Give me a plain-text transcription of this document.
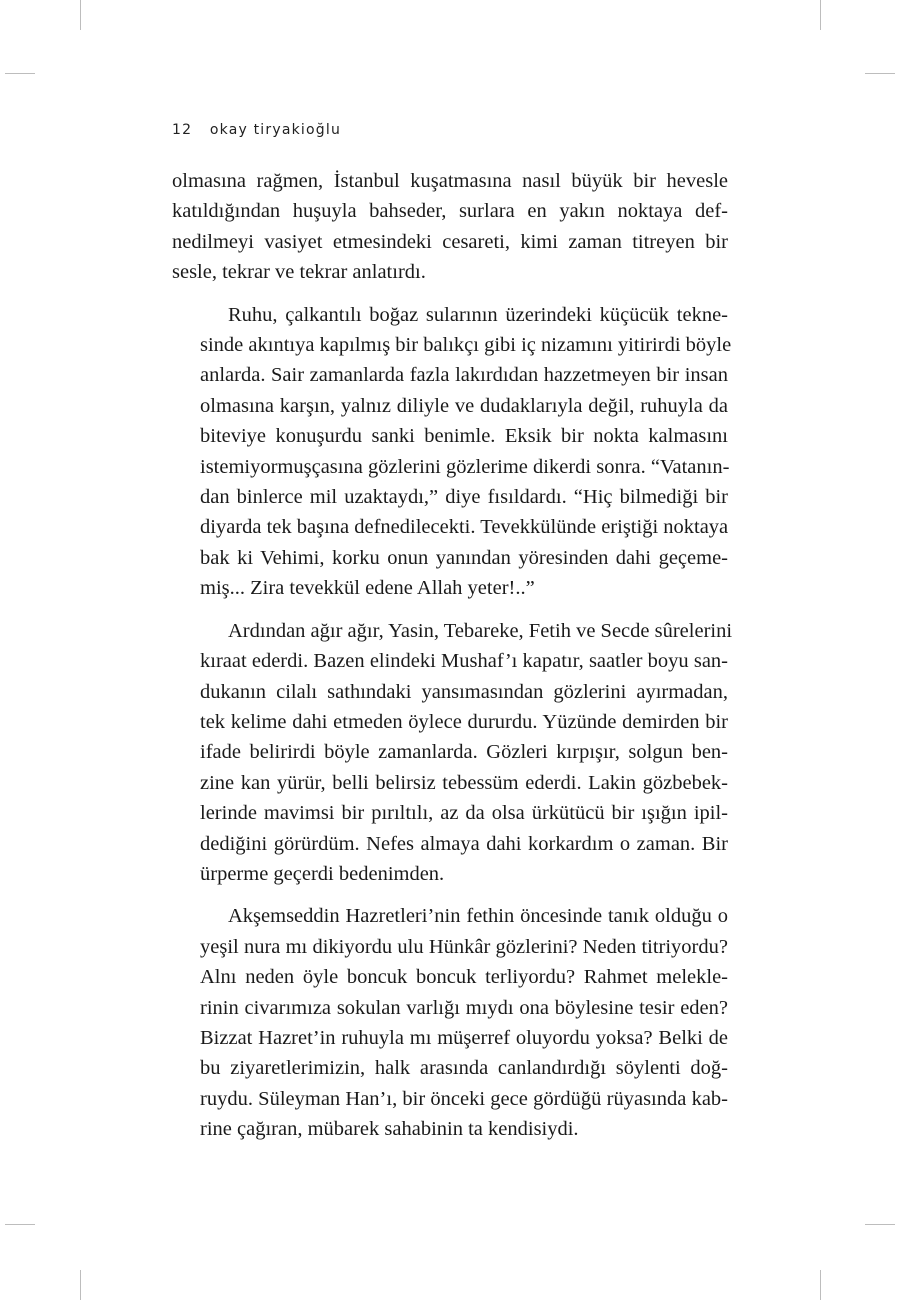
12 okay tiryakioğlu

olmasına rağmen, İstanbul kuşatmasına nasıl büyük bir hevesle
katıldığından huşuyla bahseder, surlara en yakın noktaya def-
nedilmeyi vasiyet etmesindeki cesareti, kimi zaman titreyen bir
sesle, tekrar ve tekrar anlatırdı.

Ruhu, çalkantılı boğaz sularının üzerindeki küçücük tekne-
sinde akıntıya kapılmış bir balıkçı gibi iç nizamını yitirirdi böyle
anlarda. Sair zamanlarda fazla lakırdıdan hazzetmeyen bir insan
olmasına karşın, yalnız diliyle ve dudaklarıyla değil, ruhuyla da
biteviye konuşurdu sanki benimle. Eksik bir nokta kalmasını
istemiyormuşçasına gözlerini gözlerime dikerdi sonra. “Vatanın-
dan binlerce mil uzaktaydı,” diye fısıldardı. “Hiç bilmediği bir
diyarda tek başına defnedilecekti. Tevekkülünde eriştiği noktaya
bak ki Vehimi, korku onun yanından yöresinden dahi geçeme-
miş... Zira tevekkül edene Allah yeter!..”

Ardından ağır ağır, Yasin, Tebareke, Fetih ve Secde sûrelerini
kıraat ederdi. Bazen elindeki Mushaf’ı kapatır, saatler boyu san-
dukanın cilalı sathındaki yansımasından gözlerini ayırmadan,
tek kelime dahi etmeden öylece dururdu. Yüzünde demirden bir
ifade belirirdi böyle zamanlarda. Gözleri kırpışır, solgun ben-
zine kan yürür, belli belirsiz tebessüm ederdi. Lakin gözbebek-
lerinde mavimsi bir pırıltılı, az da olsa ürkütücü bir ışığın ipil-
dediğini görürdüm. Nefes almaya dahi korkardım o zaman. Bir
ürperme geçerdi bedenimden.

Akşemseddin Hazretleri’nin fethin öncesinde tanık olduğu o
yeşil nura mı dikiyordu ulu Hünkâr gözlerini? Neden titriyordu?
Alnı neden öyle boncuk boncuk terliyordu? Rahmet melekle-
rinin civarımıza sokulan varlığı mıydı ona böylesine tesir eden?
Bizzat Hazret’in ruhuyla mı müşerref oluyordu yoksa? Belki de
bu ziyaretlerimizin, halk arasında canlandırdığı söylenti doğ-
ruydu. Süleyman Han’ı, bir önceki gece gördüğü rüyasında kab-
rine çağıran, mübarek sahabinin ta kendisiydi.
